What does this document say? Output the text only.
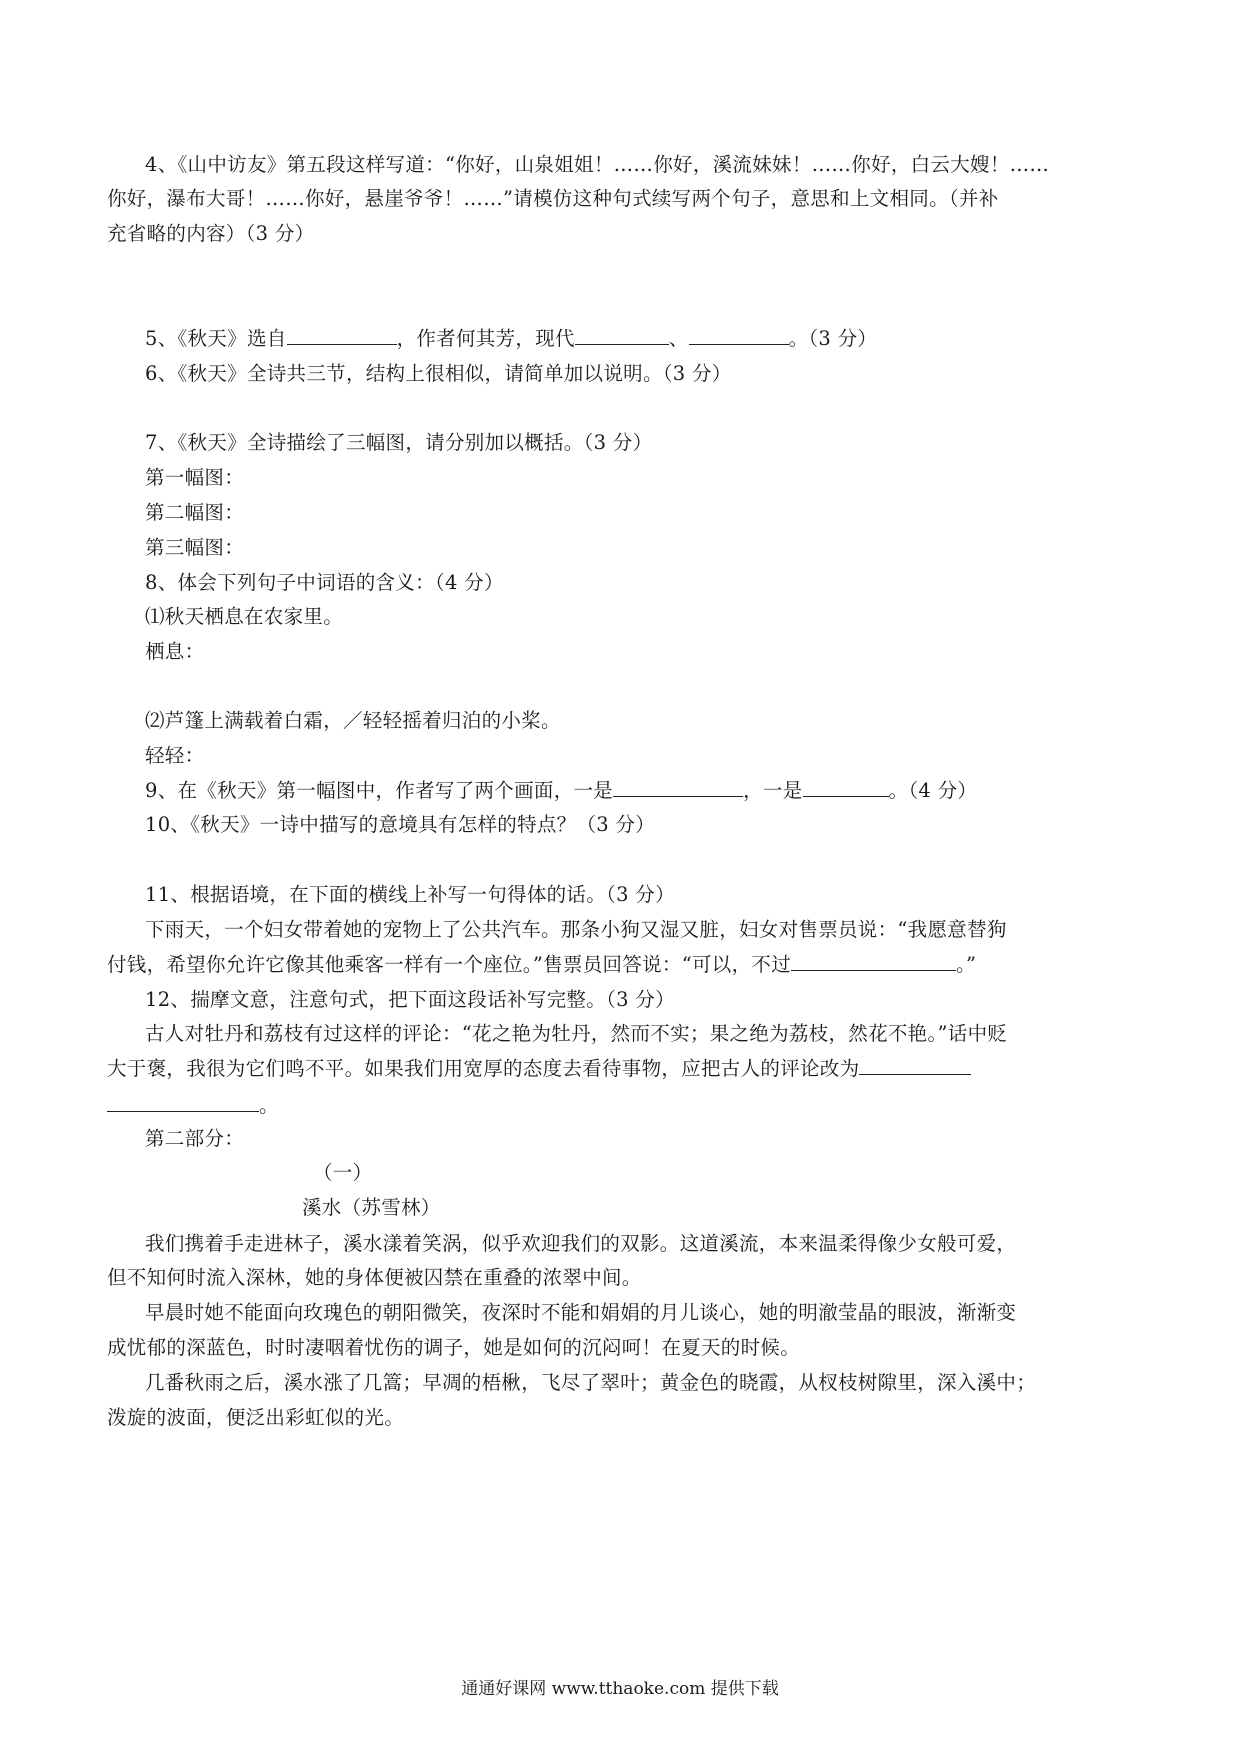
4、《山中访友》第五段这样写道：“你好，山泉姐姐！……你好，溪流妹妹！……你好，白云大嫂！……
你好，瀑布大哥！……你好，悬崖爷爷！……”请模仿这种句式续写两个句子，意思和上文相同。（并补
充省略的内容）（3 分）
5、《秋天》选自	，作者何其芳，现代	、	。（3 分）
6、《秋天》全诗共三节，结构上很相似，请简单加以说明。（3 分）
7、《秋天》全诗描绘了三幅图，请分别加以概括。（3 分）
第一幅图：
第二幅图：
第三幅图：
8、体会下列句子中词语的含义：（4 分）
⑴秋天栖息在农家里。
栖息：
⑵芦篷上满载着白霜，／轻轻摇着归泊的小桨。
轻轻：
9、在《秋天》第一幅图中，作者写了两个画面，一是	，一是	。（4 分）
10、《秋天》一诗中描写的意境具有怎样的特点？（3 分）
11、根据语境，在下面的横线上补写一句得体的话。（3 分）
下雨天，一个妇女带着她的宠物上了公共汽车。那条小狗又湿又脏，妇女对售票员说：“我愿意替狗
付钱，希望你允许它像其他乘客一样有一个座位。”售票员回答说：“可以，不过	。”
12、揣摩文意，注意句式，把下面这段话补写完整。（3 分）
古人对牡丹和荔枝有过这样的评论：“花之艳为牡丹，然而不实；果之绝为荔枝，然花不艳。”话中贬
大于褒，我很为它们鸣不平。如果我们用宽厚的态度去看待事物，应把古人的评论改为
。
第二部分：
（一）
溪水（苏雪林）
我们携着手走进林子，溪水漾着笑涡，似乎欢迎我们的双影。这道溪流，本来温柔得像少女般可爱，
但不知何时流入深林，她的身体便被囚禁在重叠的浓翠中间。
早晨时她不能面向玫瑰色的朝阳微笑，夜深时不能和娟娟的月儿谈心，她的明澈莹晶的眼波，渐渐变
成忧郁的深蓝色，时时凄咽着忧伤的调子，她是如何的沉闷呵！在夏天的时候。
几番秋雨之后，溪水涨了几篙；早凋的梧楸，飞尽了翠叶；黄金色的晓霞，从杈枝树隙里，深入溪中；
泼旋的波面，便泛出彩虹似的光。
通通好课网 www.tthaoke.com 提供下载
